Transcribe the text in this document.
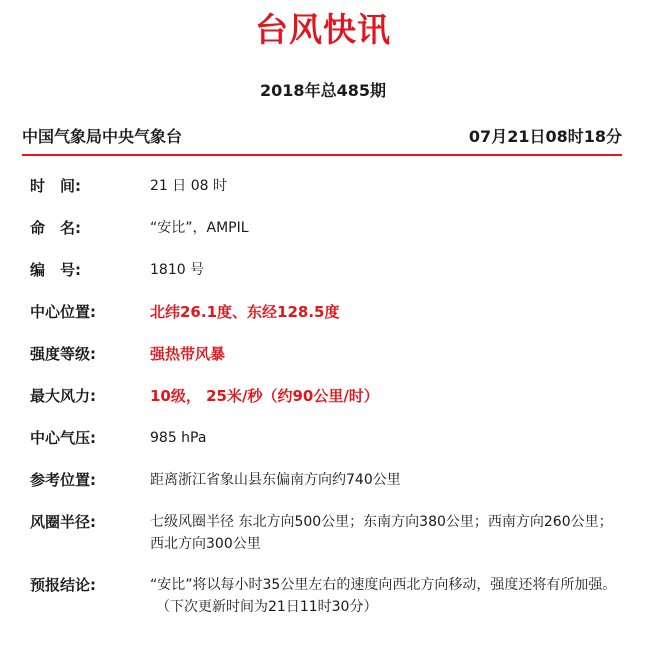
台风快讯
2018年总485期
中国气象局中央气象台	07月21日08时18分
时　间:	21 日 08 时
命　名:	“安比”，AMPIL
编　号:	1810 号
中心位置:	北纬26.1度、东经128.5度
强度等级:	强热带风暴
最大风力:	10级， 25米/秒（约90公里/时）
中心气压:	985 hPa
参考位置:	距离浙江省象山县东偏南方向约740公里
风圈半径:	七级风圈半径 东北方向500公里；东南方向380公里；西南方向260公里；西北方向300公里
预报结论:	“安比”将以每小时35公里左右的速度向西北方向移动，强度还将有所加强。
（下次更新时间为21日11时30分）
